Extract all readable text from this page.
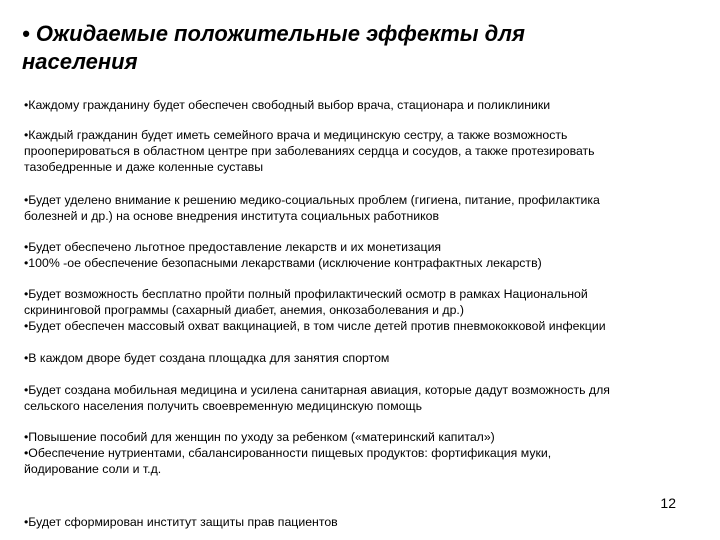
• Ожидаемые положительные эффекты для
населения
•Каждому гражданину будет обеспечен свободный выбор врача, стационара и поликлиники
•Каждый гражданин будет иметь семейного врача и медицинскую сестру, а также возможность
прооперироваться в областном центре при заболеваниях сердца и сосудов, а также протезировать
тазобедренные и даже коленные суставы
•Будет уделено внимание к решению медико-социальных проблем (гигиена, питание, профилактика
болезней и др.) на основе внедрения института социальных работников
•Будет обеспечено льготное предоставление лекарств и их монетизация
•100% -ое обеспечение безопасными лекарствами (исключение контрафактных лекарств)
•Будет возможность бесплатно пройти полный профилактический осмотр в рамках Национальной
скрининговой программы (сахарный диабет, анемия, онкозаболевания и др.)
•Будет обеспечен массовый охват вакцинацией, в том числе детей против пневмококковой инфекции
•В каждом дворе будет создана площадка для занятия спортом
•Будет создана мобильная медицина и усилена санитарная авиация, которые дадут возможность для
сельского населения получить своевременную медицинскую помощь
•Повышение пособий для женщин по уходу за ребенком («материнский капитал»)
•Обеспечение нутриентами, сбалансированности пищевых продуктов: фортификация муки,
йодирование соли и т.д.
12
•Будет сформирован институт защиты прав пациентов
